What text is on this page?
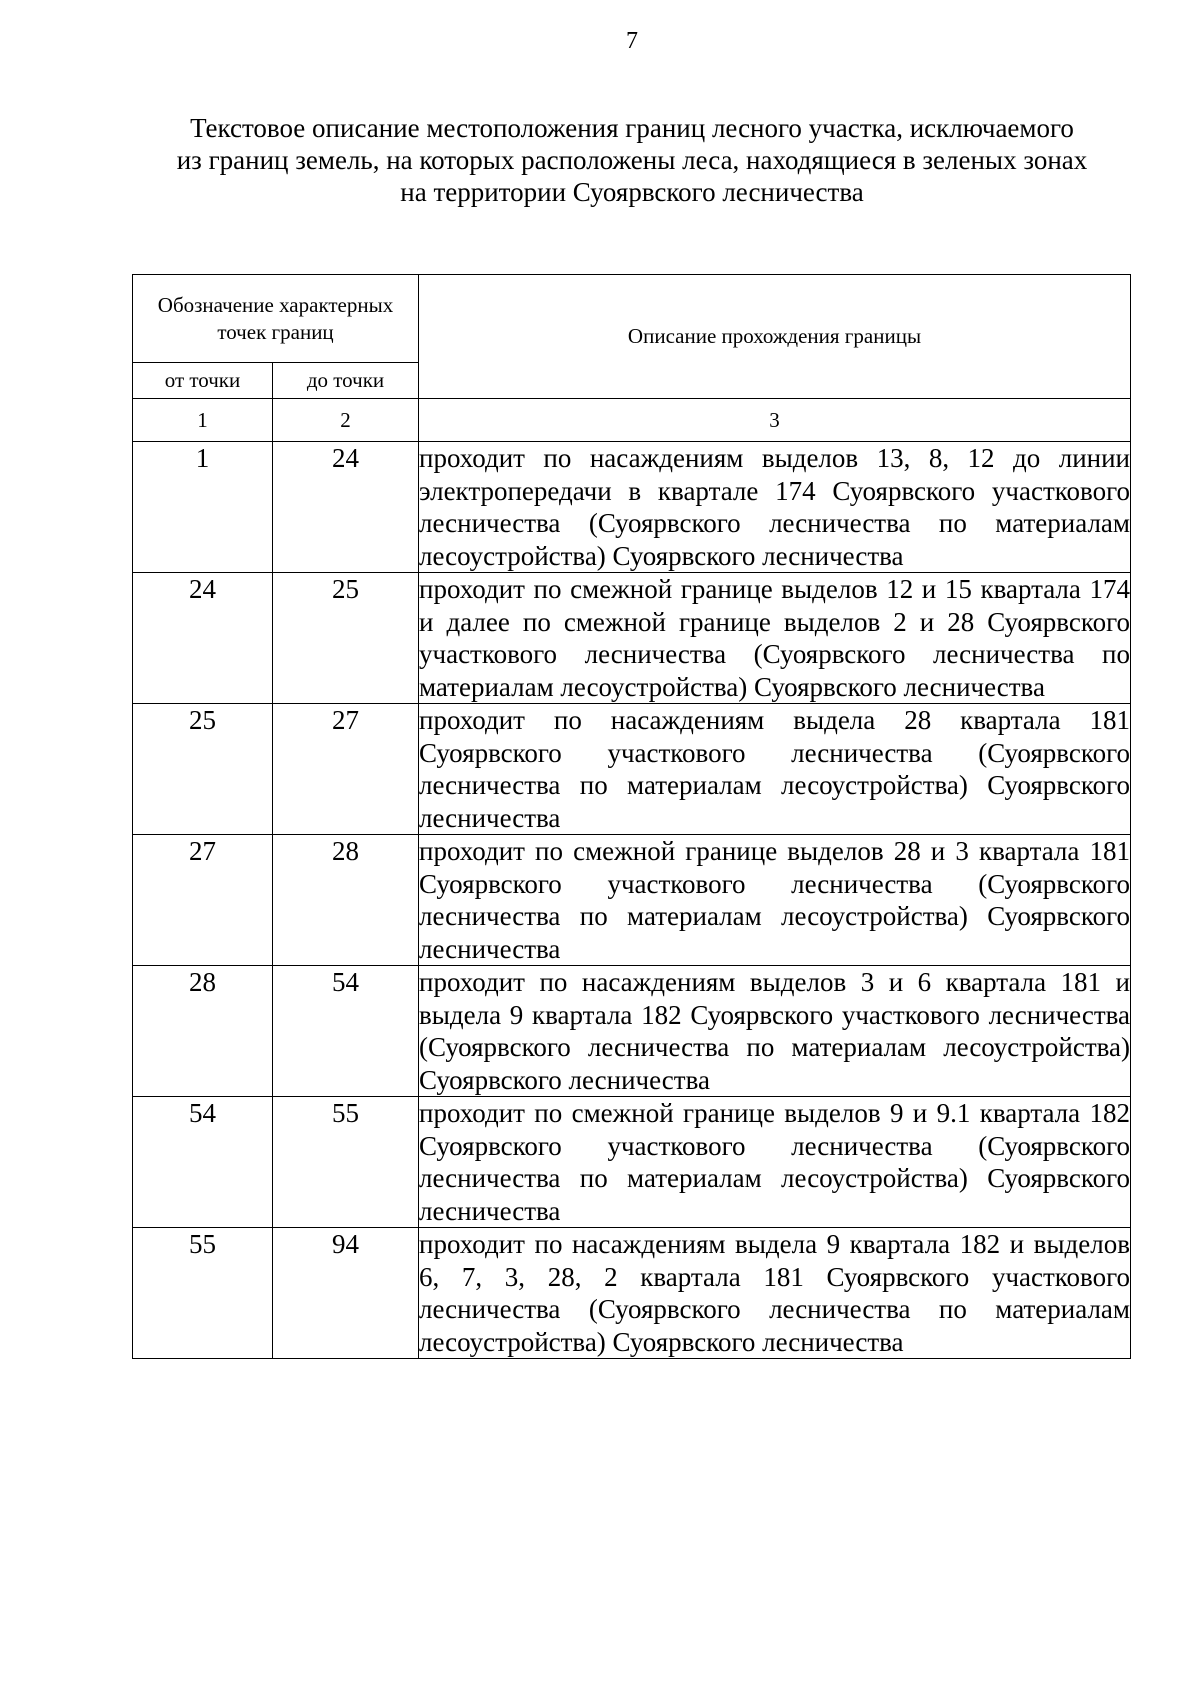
7
Текстовое описание местоположения границ лесного участка, исключаемого
из границ земель, на которых расположены леса, находящиеся в зеленых зонах
на территории Суоярвского лесничества
Обозначение характерных точек границ		Описание прохождения границы
от точки	до точки	
1	2	3
1	24	проходит по насаждениям выделов 13, 8, 12 до линии электропередачи в квартале 174 Суоярвского участкового лесничества (Суоярвского лесничества по материалам лесоустройства) Суоярвского лесничества
24	25	проходит по смежной границе выделов 12 и 15 квартала 174 и далее по смежной границе выделов 2 и 28 Суоярвского участкового лесничества (Суоярвского лесничества по материалам лесоустройства) Суоярвского лесничества
25	27	проходит по насаждениям выдела 28 квартала 181 Суоярвского участкового лесничества (Суоярвского лесничества по материалам лесоустройства) Суоярвского лесничества
27	28	проходит по смежной границе выделов 28 и 3 квартала 181 Суоярвского участкового лесничества (Суоярвского лесничества по материалам лесоустройства) Суоярвского лесничества
28	54	проходит по насаждениям выделов 3 и 6 квартала 181 и выдела 9 квартала 182 Суоярвского участкового лесничества (Суоярвского лесничества по материалам лесоустройства) Суоярвского лесничества
54	55	проходит по смежной границе выделов 9 и 9.1 квартала 182 Суоярвского участкового лесничества (Суоярвского лесничества по материалам лесоустройства) Суоярвского лесничества
55	94	проходит по насаждениям выдела 9 квартала 182 и выделов 6, 7, 3, 28, 2 квартала 181 Суоярвского участкового лесничества (Суоярвского лесничества по материалам лесоустройства) Суоярвского лесничества
